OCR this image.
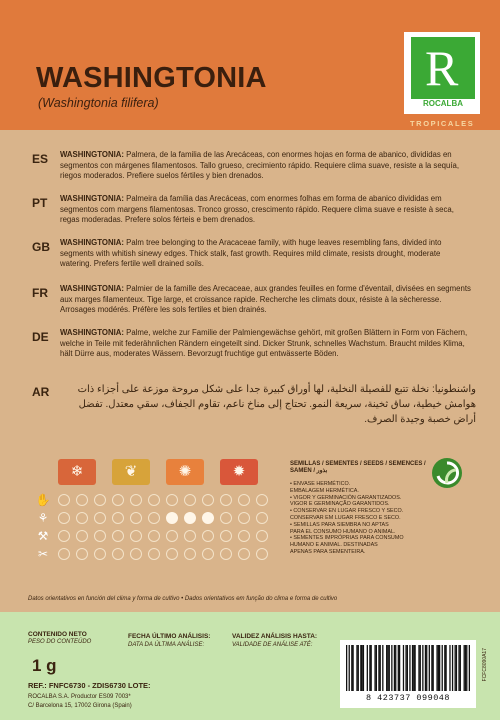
WASHINGTONIA
(Washingtonia filifera)
R
ROCALBA
TROPICALES
ES WASHINGTONIA: Palmera, de la familia de las Arecáceas, con enormes hojas en forma de abanico, divididas en segmentos con márgenes filamentosos. Tallo grueso, crecimiento rápido. Requiere clima suave, resiste a la sequía, riegos moderados. Prefiere suelos fértiles y bien drenados.
PT WASHINGTONIA: Palmeira da família das Arecáceas, com enormes folhas em forma de abanico divididas em segmentos com margens filamentosas. Tronco grosso, crescimento rápido. Requere clima suave e resiste à seca, regas moderadas. Prefere solos férteis e bem drenados.
GB WASHINGTONIA: Palm tree belonging to the Aracaceae family, with huge leaves resembling fans, divided into segments with whitish sinewy edges. Thick stalk, fast growth. Requires mild climate, resists drought, moderate watering. Prefers fertile well drained soils.
FR WASHINGTONIA: Palmier de la famille des Arecaceae, aux grandes feuilles en forme d'éventail, divisées en segments aux marges filamenteux. Tige large, et croissance rapide. Recherche les climats doux, résiste à la sècheresse. Arrosages modérés. Préfère les sols fertiles et bien drainés.
DE WASHINGTONIA: Palme, welche zur Familie der Palmiengewächse gehört, mit großen Blättern in Form von Fächern, welche in Teile mit federähnlichen Rändern eingeteilt sind. Dicker Strunk, schnelles Wachstum. Braucht mildes Klima, hält Dürre aus, moderates Wässern. Bevorzugt fruchtige gut entwässerte Böden.
AR	واشنطونيا: نخلة تتبع للفصيلة النخلية، لها أوراق كبيرة جدا على شكل مروحة موزعة على أجزاء ذات هوامش خيطية، ساق ثخينة، سريعة النمو. تحتاج إلى مناخ ناعم، تقاوم الجفاف، سقي معتدل. تفضل أراض خصبة وجيدة الصرف.
❄	❦	✺	✹
✋
⚘
⚒
✂
SEMILLAS / SEMENTES / SEEDS / SEMENCES / SAMEN / بذور
• ENVASE HERMÉTICO.
EMBALAGEM HERMÉTICA.
• VIGOR Y GERMINACIÓN GARANTIZADOS.
VIGOR E GERMINAÇÃO GARANTIDOS.
• CONSERVAR EN LUGAR FRESCO Y SECO.
CONSERVAR EM LUGAR FRESCO E SECO.
• SEMILLAS PARA SIEMBRA NO APTAS
PARA EL CONSUMO HUMANO O ANIMAL.
• SEMENTES IMPRÓPRIAS PARA CONSUMO
HUMANO E ANIMAL. DESTINADAS
APENAS PARA SEMENTEIRA.
Datos orientativos en función del clima y forma de cultivo • Dados orientativos em função do clima e forma de cultivo
CONTENIDO NETO
PESO DO CONTEÚDO
1 g
FECHA ÚLTIMO ANÁLISIS:
DATA DA ÚLTIMA ANÁLISE:
VALIDEZ ANÁLISIS HASTA:
VALIDADE DE ANÁLISE ATÉ:
REF.: FNFC6730 - ZDIS6730 LOTE:
ROCALBA S.A. Productor ES09 7003*
C/ Barcelona 15, 17002 Girona (Spain)
8 423737 099048
FCFC8090A17
